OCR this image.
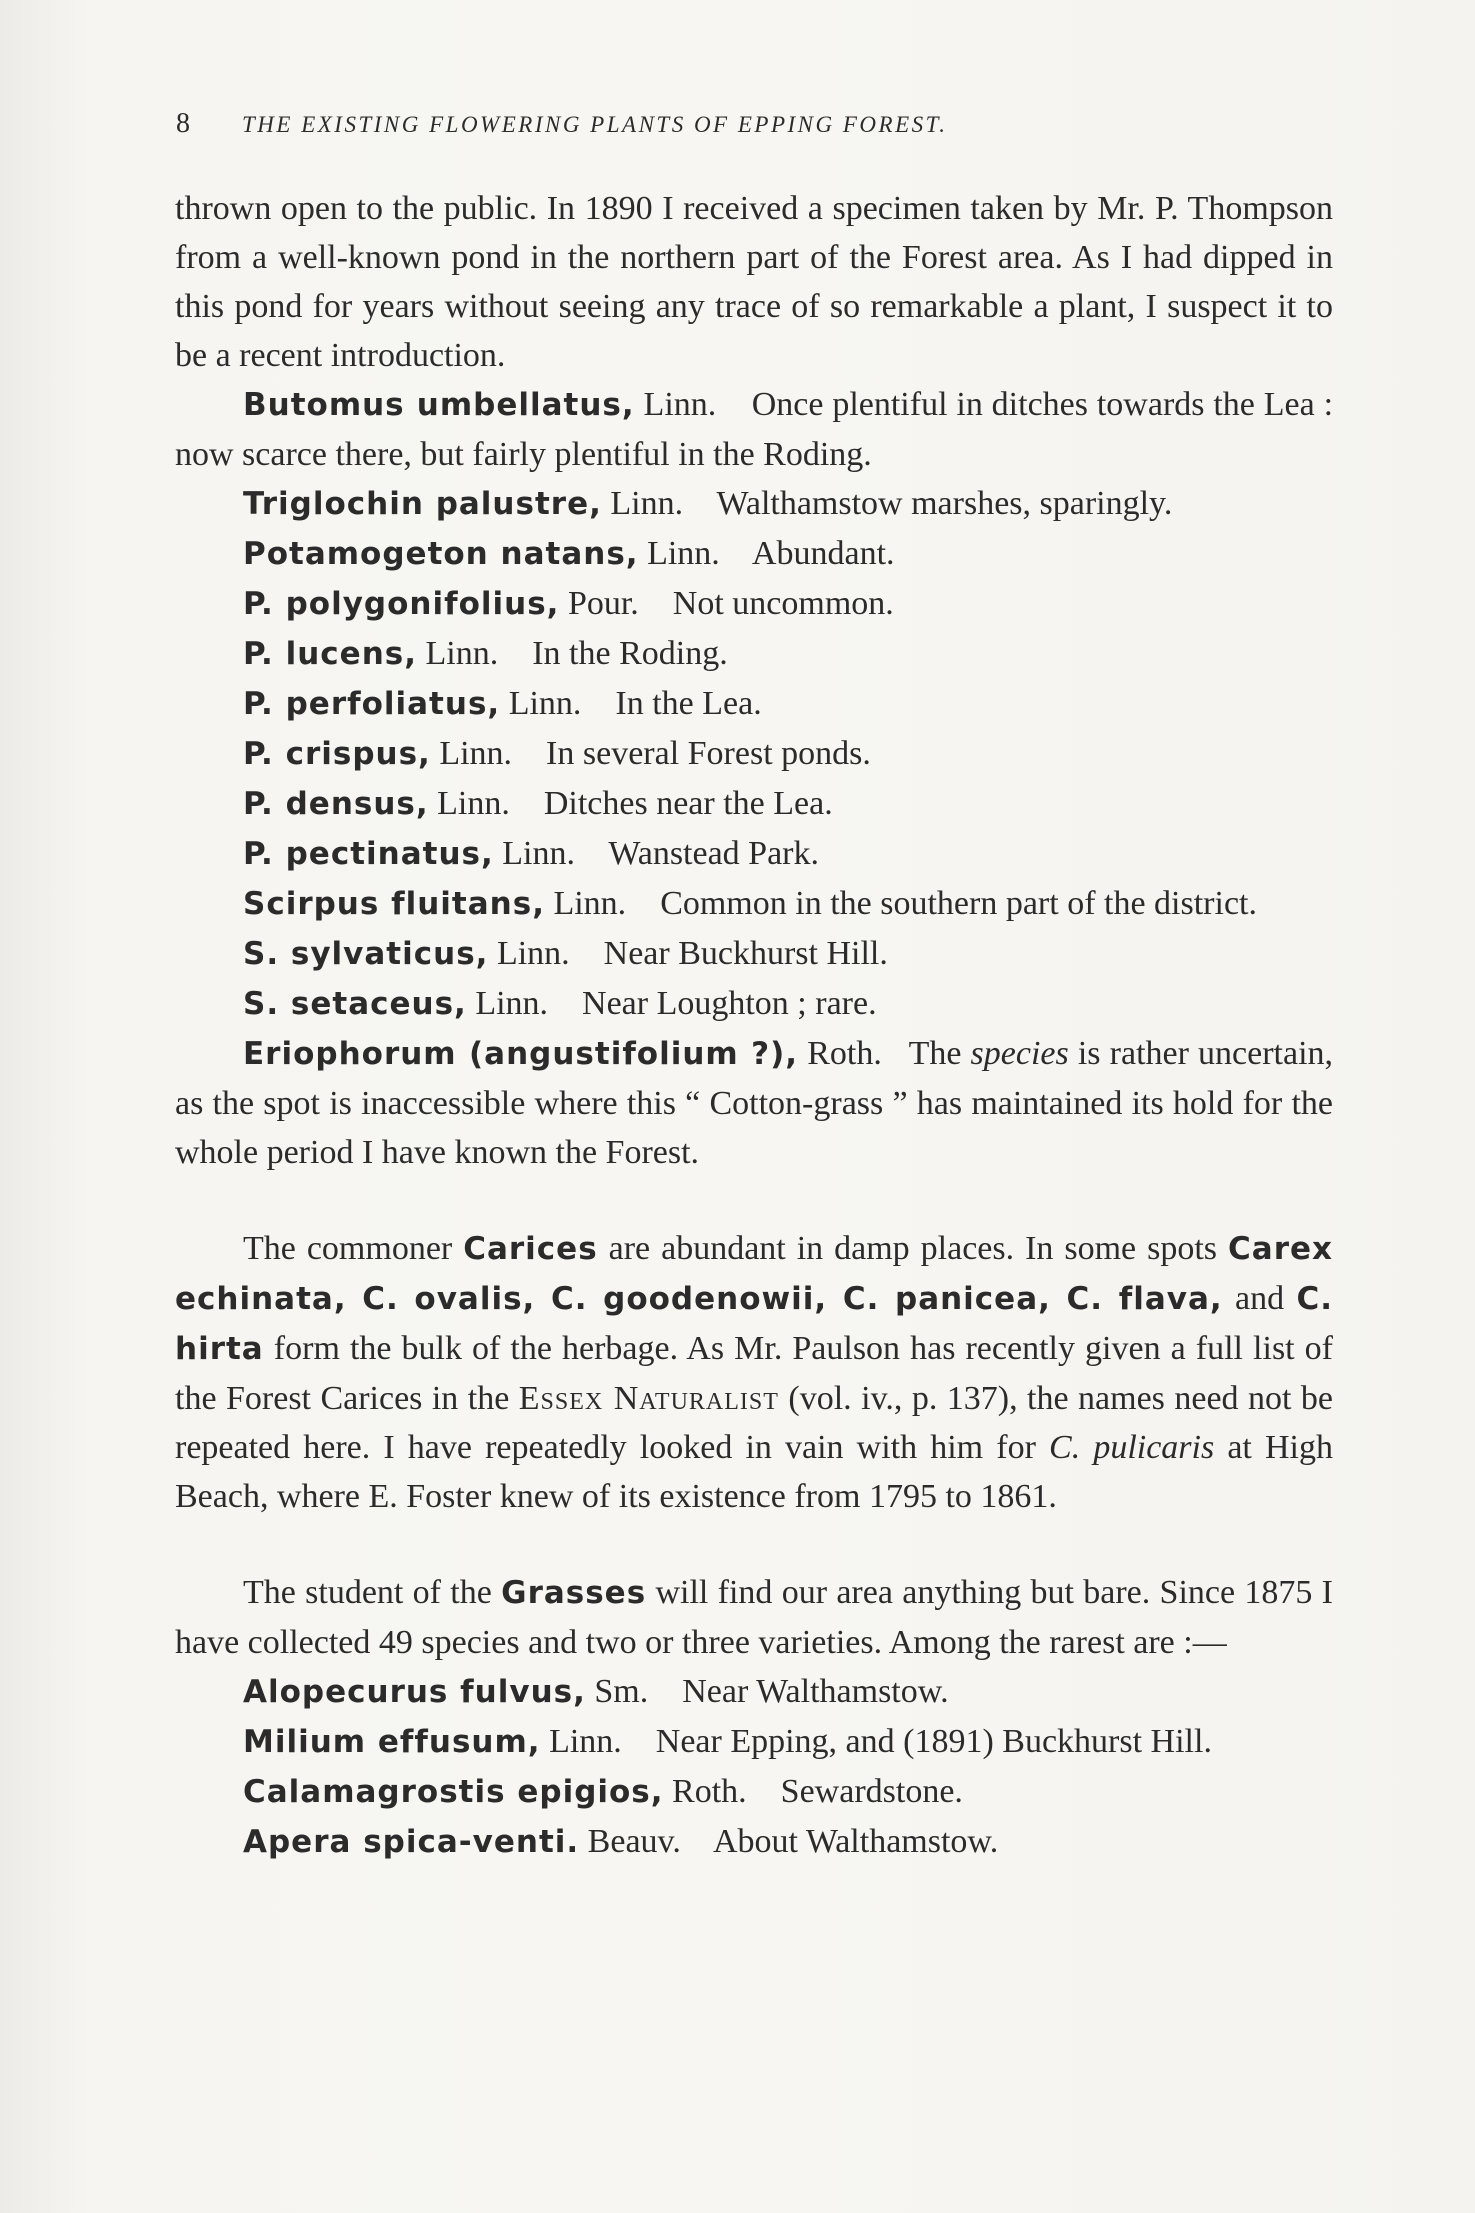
8 THE EXISTING FLOWERING PLANTS OF EPPING FOREST.

thrown open to the public. In 1890 I received a specimen taken by Mr. P. Thompson from a well-known pond in the northern part of the Forest area. As I had dipped in this pond for years without seeing any trace of so remarkable a plant, I suspect it to be a recent introduction.

Butomus umbellatus, Linn. Once plentiful in ditches towards the Lea : now scarce there, but fairly plentiful in the Roding.

Triglochin palustre, Linn. Walthamstow marshes, sparingly.

Potamogeton natans, Linn. Abundant.

P. polygonifolius, Pour. Not uncommon.

P. lucens, Linn. In the Roding.

P. perfoliatus, Linn. In the Lea.

P. crispus, Linn. In several Forest ponds.

P. densus, Linn. Ditches near the Lea.

P. pectinatus, Linn. Wanstead Park.

Scirpus fluitans, Linn. Common in the southern part of the district.

S. sylvaticus, Linn. Near Buckhurst Hill.

S. setaceus, Linn. Near Loughton ; rare.

Eriophorum (angustifolium ?), Roth. The species is rather uncertain, as the spot is inaccessible where this “ Cotton-grass ” has maintained its hold for the whole period I have known the Forest.

The commoner Carices are abundant in damp places. In some spots Carex echinata, C. ovalis, C. goodenowii, C. panicea, C. flava, and C. hirta form the bulk of the herbage. As Mr. Paulson has recently given a full list of the Forest Carices in the Essex Naturalist (vol. iv., p. 137), the names need not be repeated here. I have repeatedly looked in vain with him for C. pulicaris at High Beach, where E. Foster knew of its existence from 1795 to 1861.

The student of the Grasses will find our area anything but bare. Since 1875 I have collected 49 species and two or three varieties. Among the rarest are :—

Alopecurus fulvus, Sm. Near Walthamstow.

Milium effusum, Linn. Near Epping, and (1891) Buckhurst Hill.

Calamagrostis epigios, Roth. Sewardstone.

Apera spica-venti. Beauv. About Walthamstow.
